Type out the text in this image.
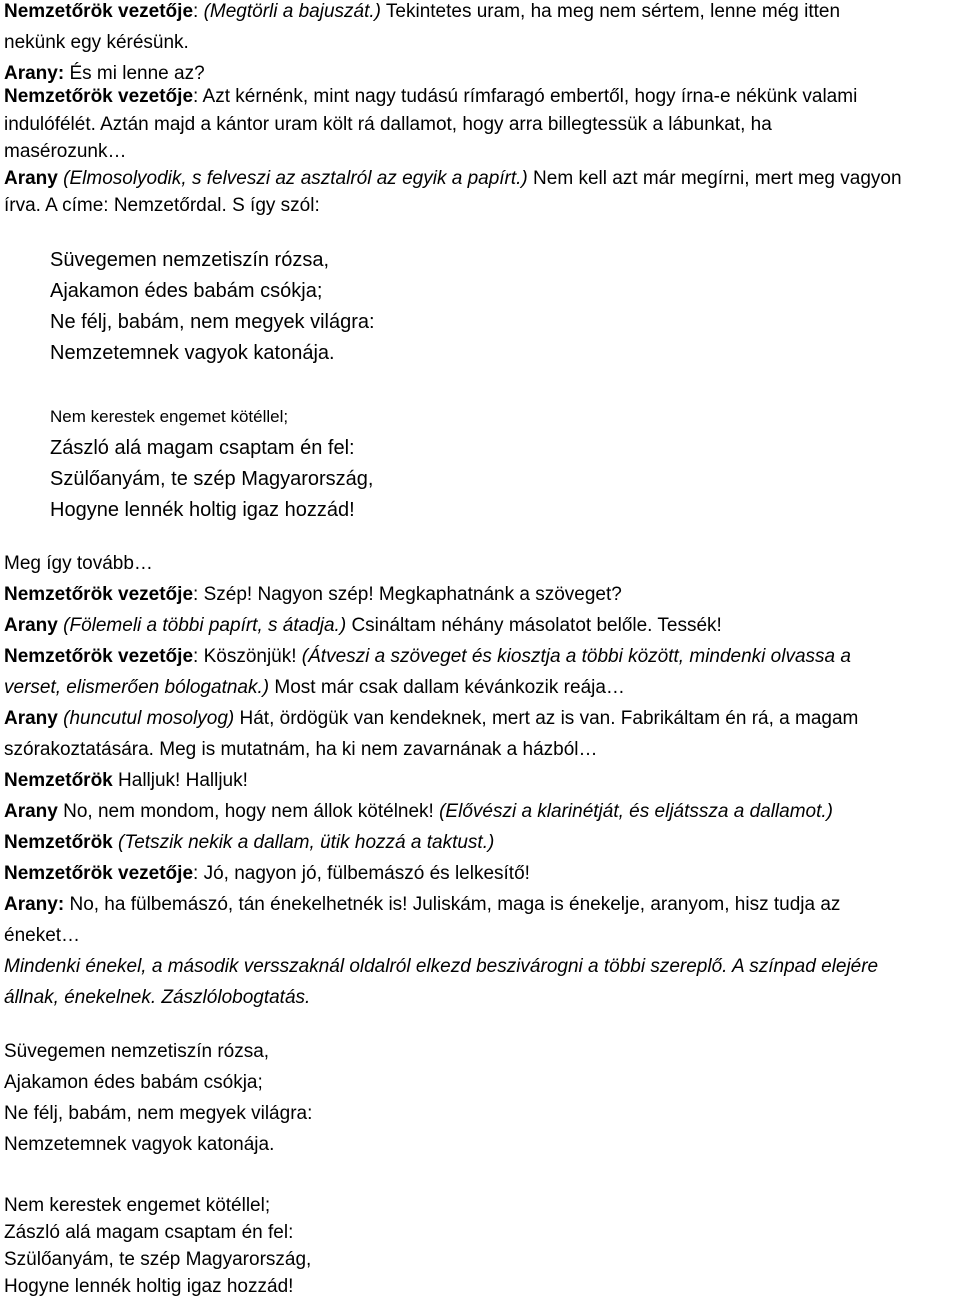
Nemzetőrök vezetője: (Megtörli a bajuszát.) Tekintetes uram, ha meg nem sértem, lenne még itten
nekünk egy kérésünk.
Arany: És mi lenne az?
Nemzetőrök vezetője: Azt kérnénk, mint nagy tudású rímfaragó embertől, hogy írna-e nékünk valami
indulófélét. Aztán majd a kántor uram költ rá dallamot, hogy arra billegtessük a lábunkat, ha
masérozunk…
Arany (Elmosolyodik, s felveszi az asztalról az egyik a papírt.) Nem kell azt már megírni, mert meg vagyon
írva. A címe: Nemzetőrdal. S így szól:
Süvegemen nemzetiszín rózsa,
Ajakamon édes babám csókja;
Ne félj, babám, nem megyek világra:
Nemzetemnek vagyok katonája.
Nem kerestek engemet kötéllel;
Zászló alá magam csaptam én fel:
Szülőanyám, te szép Magyarország,
Hogyne lennék holtig igaz hozzád!
Meg így tovább…
Nemzetőrök vezetője: Szép! Nagyon szép! Megkaphatnánk a szöveget?
Arany (Fölemeli a többi papírt, s átadja.) Csináltam néhány másolatot belőle. Tessék!
Nemzetőrök vezetője: Köszönjük! (Átveszi a szöveget és kiosztja a többi között, mindenki olvassa a
verset, elismerően bólogatnak.) Most már csak dallam kévánkozik reája…
Arany (huncutul mosolyog) Hát, ördögük van kendeknek, mert az is van. Fabrikáltam én rá, a magam
szórakoztatására. Meg is mutatnám, ha ki nem zavarnának a házból…
Nemzetőrök Halljuk! Halljuk!
Arany No, nem mondom, hogy nem állok kötélnek! (Elővészi a klarinétját, és eljátssza a dallamot.)
Nemzetőrök (Tetszik nekik a dallam, ütik hozzá a taktust.)
Nemzetőrök vezetője: Jó, nagyon jó, fülbemászó és lelkesítő!
Arany: No, ha fülbemászó, tán énekelhetnék is! Juliskám, maga is énekelje, aranyom, hisz tudja az
éneket…
Mindenki énekel, a második versszaknál oldalról elkezd beszivárogni a többi szereplő. A színpad elejére
állnak, énekelnek. Zászlólobogtatás.
Süvegemen nemzetiszín rózsa,
Ajakamon édes babám csókja;
Ne félj, babám, nem megyek világra:
Nemzetemnek vagyok katonája.
Nem kerestek engemet kötéllel;
Zászló alá magam csaptam én fel:
Szülőanyám, te szép Magyarország,
Hogyne lennék holtig igaz hozzád!
